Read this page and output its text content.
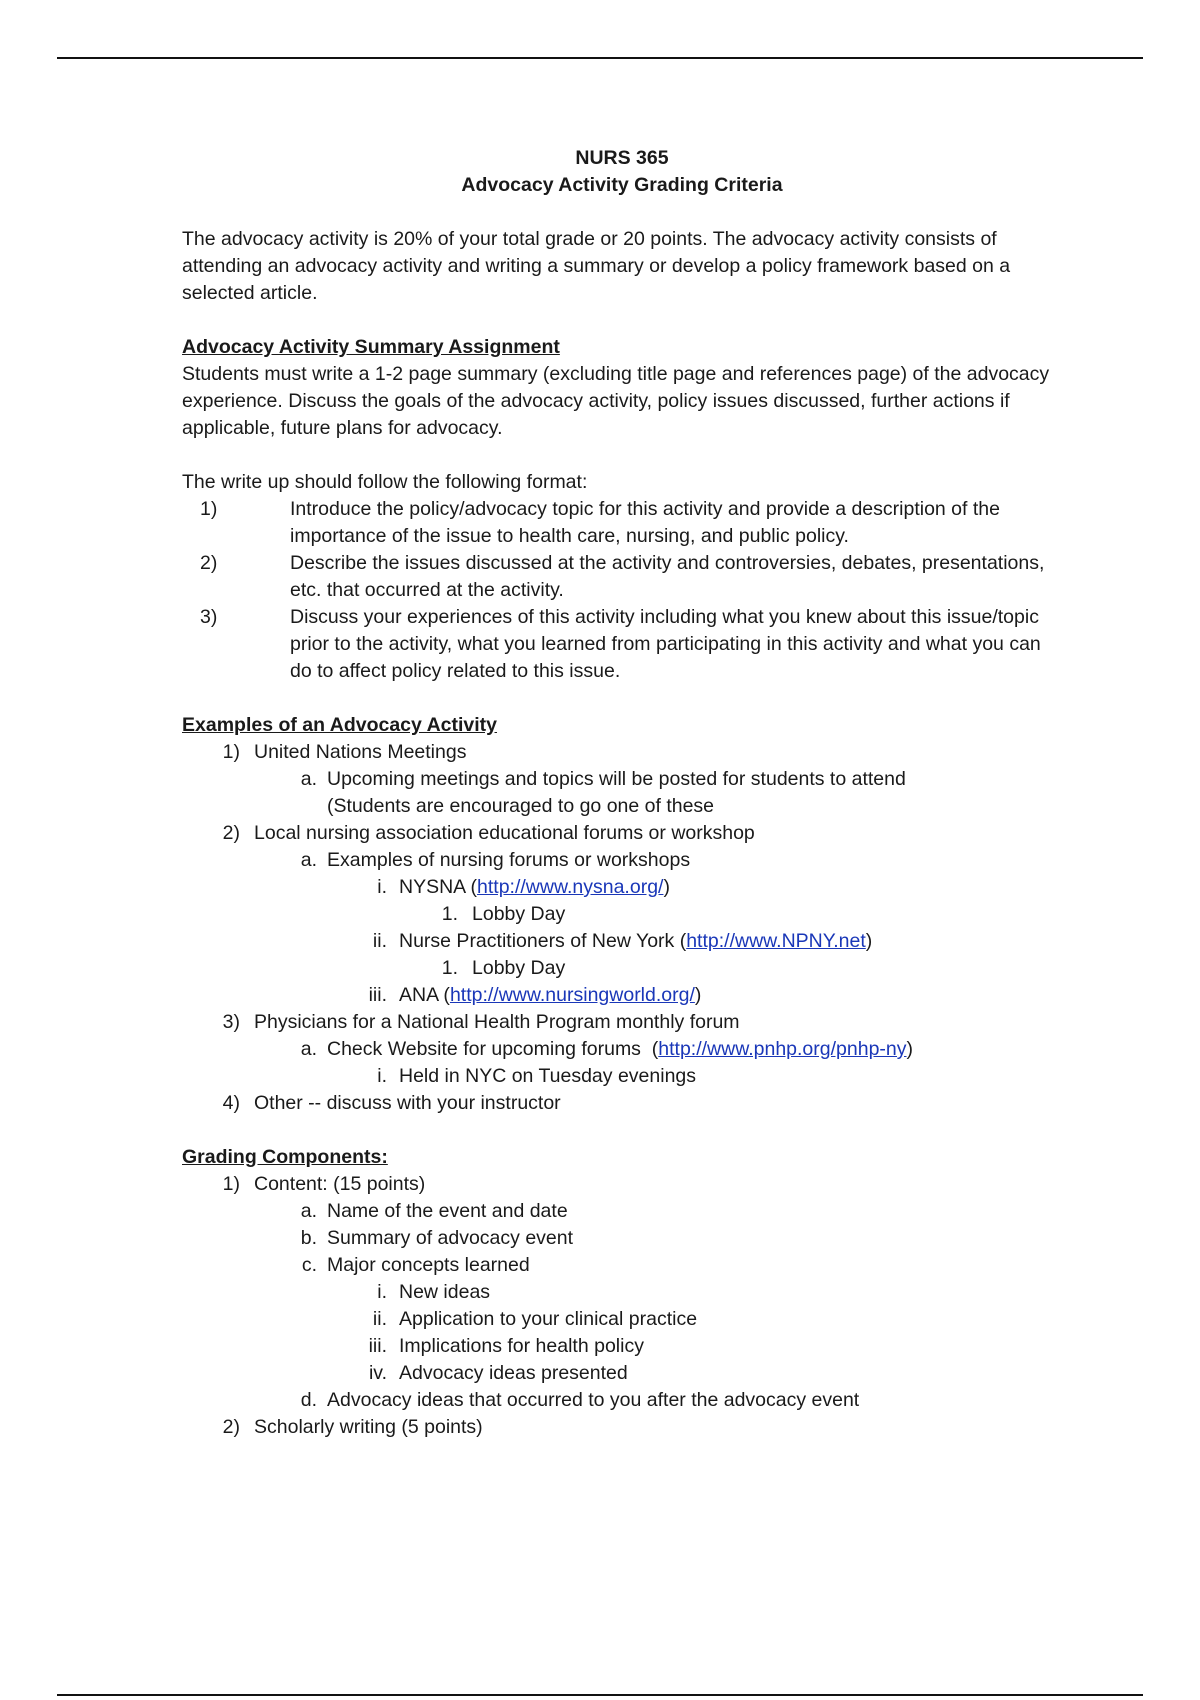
NURS 365
Advocacy Activity Grading Criteria

The advocacy activity is 20% of your total grade or 20 points. The advocacy activity consists of attending an advocacy activity and writing a summary or develop a policy framework based on a selected article.

Advocacy Activity Summary Assignment

Students must write a 1-2 page summary (excluding title page and references page) of the advocacy experience. Discuss the goals of the advocacy activity, policy issues discussed, further actions if applicable, future plans for advocacy.

The write up should follow the following format:
1)	Introduce the policy/advocacy topic for this activity and provide a description of the importance of the issue to health care, nursing, and public policy.
2)	Describe the issues discussed at the activity and controversies, debates, presentations, etc. that occurred at the activity.
3)	Discuss your experiences of this activity including what you knew about this issue/topic prior to the activity, what you learned from participating in this activity and what you can do to affect policy related to this issue.
Examples of an Advocacy Activity
1) United Nations Meetings
a. Upcoming meetings and topics will be posted for students to attend (Students are encouraged to go one of these
2) Local nursing association educational forums or workshop
a. Examples of nursing forums or workshops
i. NYSNA (http://www.nysna.org/)
1. Lobby Day
ii. Nurse Practitioners of New York (http://www.NPNY.net)
1. Lobby Day
iii. ANA (http://www.nursingworld.org/)
3) Physicians for a National Health Program monthly forum
a. Check Website for upcoming forums  (http://www.pnhp.org/pnhp-ny)
i. Held in NYC on Tuesday evenings
4) Other -- discuss with your instructor
Grading Components:
1) Content: (15 points)
a. Name of the event and date
b. Summary of advocacy event
c. Major concepts learned
i. New ideas
ii. Application to your clinical practice
iii. Implications for health policy
iv. Advocacy ideas presented
d. Advocacy ideas that occurred to you after the advocacy event
2) Scholarly writing (5 points)
